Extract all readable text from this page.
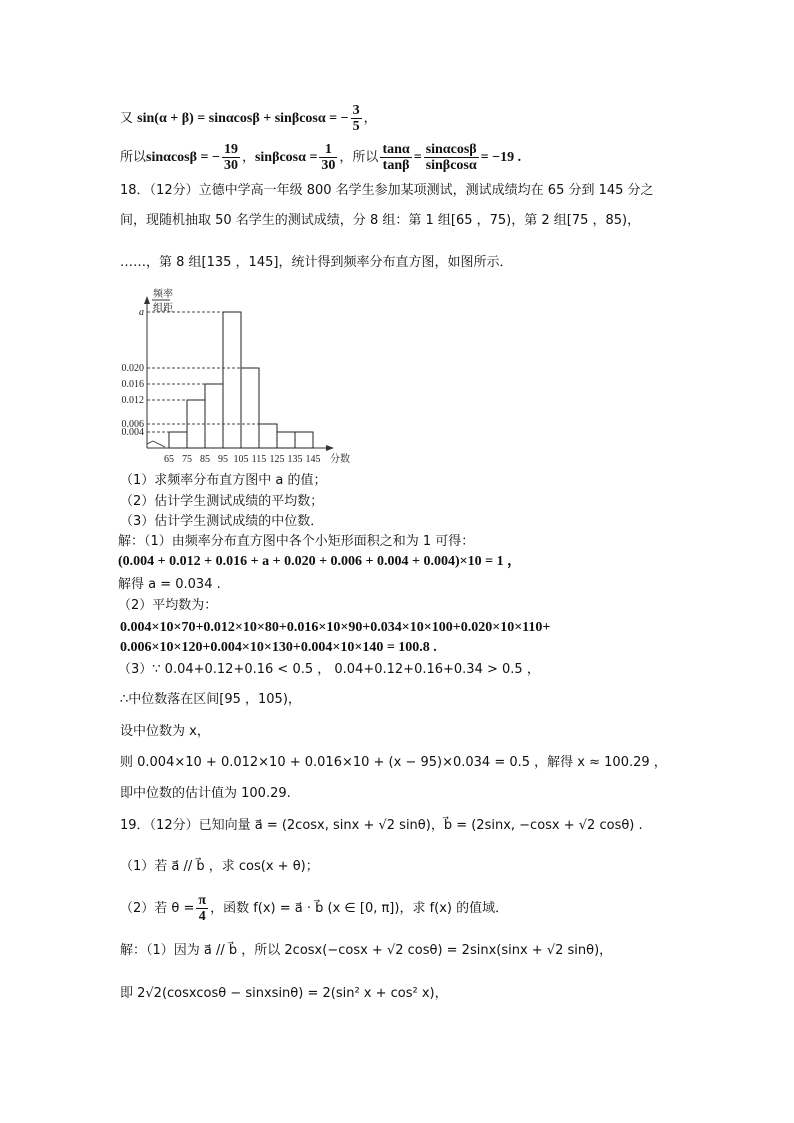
又 sin(α + β) = sinαcosβ + sinβcosα = − $\frac{3}{5}$ ，
所以sinαcosβ = − $\frac{19}{30}$ ，$\sin\beta\cos\alpha = \frac{1}{30}$ ，所以 $\frac{\tan\alpha}{\tan\beta} = \frac{\sin\alpha\cos\beta}{\sin\beta\cos\alpha} = -19$ .
18．（12分）立德中学高一年级 800 名学生参加某项测试，测试成绩均在 65 分到 145 分之
间，现随机抽取 50 名学生的测试成绩，分 8 组：第 1 组[65 ，75)，第 2 组[75 ，85)，
……，第 8 组[135 ，145]，统计得到频率分布直方图，如图所示．
频率
组距
分数
0.004
0.006
0.012
0.016
0.020
a
65 75 85 95 105 115 125 135 145
（1）求频率分布直方图中 a 的值；
（2）估计学生测试成绩的平均数；
（3）估计学生测试成绩的中位数．
解：（1）由频率分布直方图中各个小矩形面积之和为 1 可得：
(0.004 + 0.012 + 0.016 + a + 0.020 + 0.006 + 0.004 + 0.004)×10 = 1 ，
解得 a = 0.034 .
（2）平均数为：
0.004×10×70+0.012×10×80+0.016×10×90+0.034×10×100+0.020×10×110+
0.006×10×120+0.004×10×130+0.004×10×140 = 100.8 .
（3）∵ 0.04+0.12+0.16 < 0.5 ， 0.04+0.12+0.16+0.34 > 0.5 ，
∴中位数落在区间[95 ，105)，
设中位数为 x，
则 0.004×10 + 0.012×10 + 0.016×10 + (x − 95)×0.034 = 0.5 ，解得 x ≈ 100.29 ，
即中位数的估计值为 100.29.
19．（12分）已知向量 a⃗ = (2cosx, sinx + √2 sinθ)，b⃗ = (2sinx, −cosx + √2 cosθ) .
（1）若 a⃗ // b⃗ ，求 cos(x + θ)；
（2）若 $\theta = \frac{\pi}{4}$ ，函数 f(x) = a⃗ · b⃗ (x ∈ [0, π])，求 f(x) 的值域．
解：（1）因为 a⃗ // b⃗ ，所以 2cosx(−cosx + √2 cosθ) = 2sinx(sinx + √2 sinθ)，
即 2√2(cosxcosθ − sinxsinθ) = 2(sin² x + cos² x)，
